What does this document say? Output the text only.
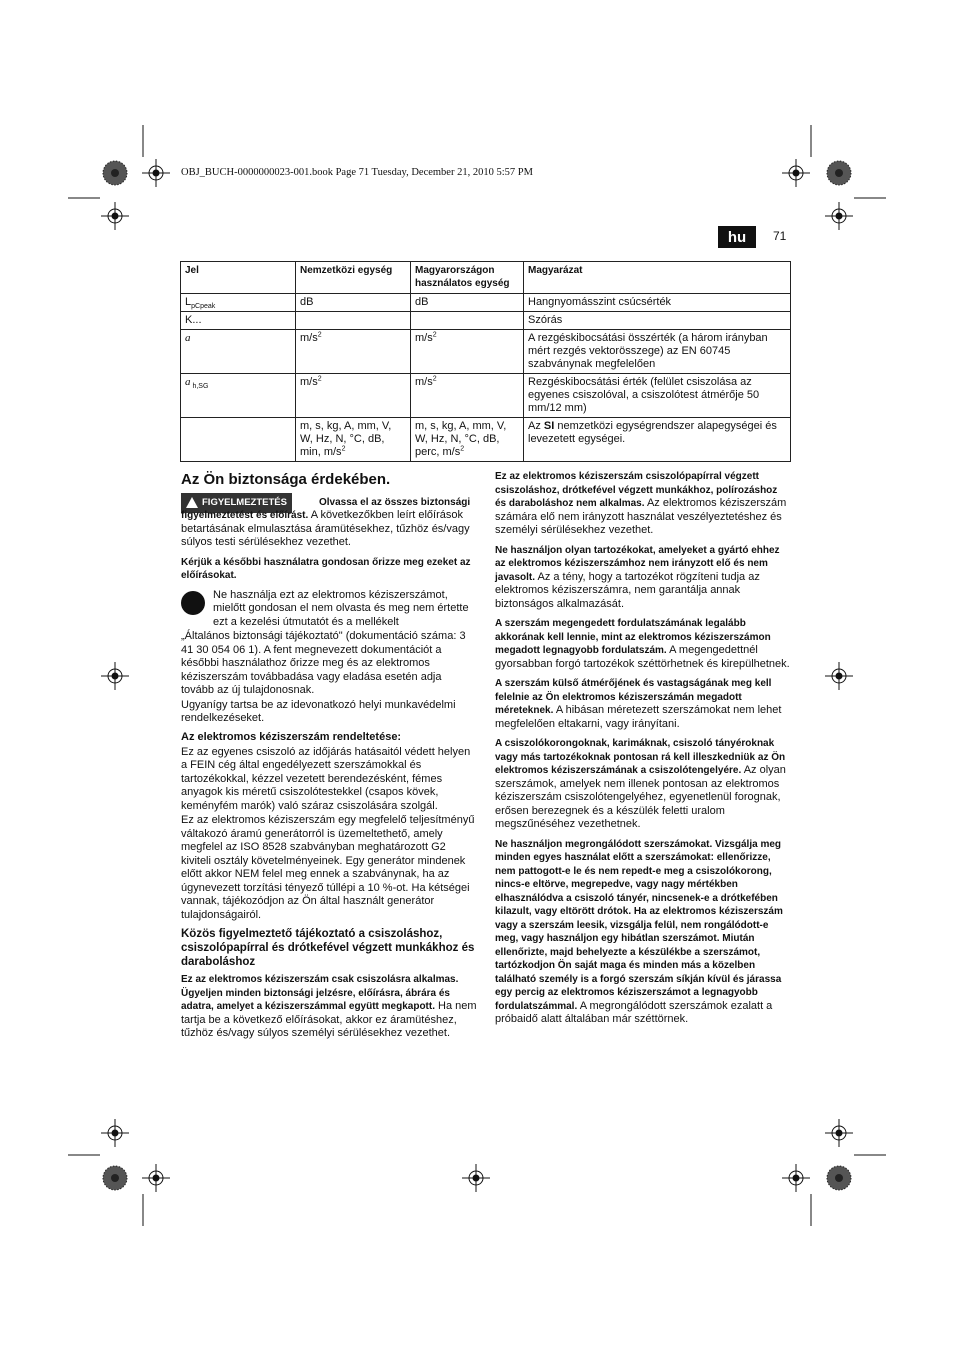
OBJ_BUCH-0000000023-001.book Page 71 Tuesday, December 21, 2010 5:57 PM
hu	71
Jel	Nemzetközi egység	Magyarországon használatos egység	Magyarázat
$L_{pCpeak}$	dB	dB	Hangnyomásszint csúcsérték
K...			Szórás
a	$m/s^2$	$m/s^2$	A rezgéskibocsátási összérték (a három irányban mért rezgés vektorösszege) az EN 60745 szabványnak megfelelően
a $_{h,SG}$	$m/s^2$	$m/s^2$	Rezgéskibocsátási érték (felület csiszolása az egyenes csiszolóval, a csiszolótest átmérője 50 mm/12 mm)
	m, s, kg, A, mm, V, W, Hz, N, °C, dB, min, $m/s^2$	m, s, kg, A, mm, V, W, Hz, N, °C, dB, perc, $m/s^2$	Az SI nemzetközi egységrendszer alapegységei és levezetett egységei.
Az Ön biztonsága érdekében.
FIGYELMEZTETÉS	Olvassa el az összes biztonsági figyelmeztetést és előírást. A következőkben leírt előírások betartásának elmulasztása áramütésekhez, tűzhöz és/vagy súlyos testi sérülésekhez vezethet.

Kérjük a későbbi használatra gondosan őrizze meg ezeket az előírásokat.

Ne használja ezt az elektromos kéziszerszámot, mielőtt gondosan el nem olvasta és meg nem értette ezt a kezelési útmutatót és a mellékelt

„Általános biztonsági tájékoztató" (dokumentáció száma: 3 41 30 054 06 1). A fent megnevezett dokumentációt a későbbi használathoz őrizze meg és az elektromos kéziszerszám továbbadása vagy eladása esetén adja tovább az új tulajdonosnak.

Ugyanígy tartsa be az idevonatkozó helyi munkavédelmi rendelkezéseket.

Az elektromos kéziszerszám rendeltetése:

Ez az egyenes csiszoló az időjárás hatásaitól védett helyen a FEIN cég által engedélyezett szerszámokkal és tartozékokkal, kézzel vezetett berendezésként, fémes anyagok kis méretű csiszolótestekkel (csapos kövek, keményfém marók) való száraz csiszolására szolgál.

Ez az elektromos kéziszerszám egy megfelelő teljesítményű váltakozó áramú generátorról is üzemeltethető, amely megfelel az ISO 8528 szabványban meghatározott G2 kiviteli osztály követelményeinek. Egy generátor mindenek előtt akkor NEM felel meg ennek a szabványnak, ha az úgynevezett torzítási tényező túllépi a 10 %-ot. Ha kétségei vannak, tájékozódjon az Ön által használt generátor tulajdonságairól.

Közös figyelmeztető tájékoztató a csiszoláshoz, csiszolópapírral és drótkefével végzett munkákhoz és daraboláshoz

Ez az elektromos kéziszerszám csak csiszolásra alkalmas. Ügyeljen minden biztonsági jelzésre, előírásra, ábrára és adatra, amelyet a kéziszerszámmal együtt megkapott. Ha nem tartja be a következő előírásokat, akkor ez áramütéshez, tűzhöz és/vagy súlyos személyi sérülésekhez vezethet.

Ez az elektromos kéziszerszám csiszolópapírral végzett csiszoláshoz, drótkefével végzett munkákhoz, polírozáshoz és daraboláshoz nem alkalmas. Az elektromos kéziszerszám számára elő nem irányzott használat veszélyeztetéshez és személyi sérülésekhez vezethet.

Ne használjon olyan tartozékokat, amelyeket a gyártó ehhez az elektromos kéziszerszámhoz nem irányzott elő és nem javasolt. Az a tény, hogy a tartozékot rögzíteni tudja az elektromos kéziszerszámra, nem garantálja annak biztonságos alkalmazását.

A szerszám megengedett fordulatszámának legalább akkorának kell lennie, mint az elektromos kéziszerszámon megadott legnagyobb fordulatszám. A megengedettnél gyorsabban forgó tartozékok széttörhetnek és kirepülhetnek.

A szerszám külső átmérőjének és vastagságának meg kell felelnie az Ön elektromos kéziszerszámán megadott méreteknek. A hibásan méretezett szerszámokat nem lehet megfelelően eltakarni, vagy irányítani.

A csiszolókorongoknak, karimáknak, csiszoló tányéroknak vagy más tartozékoknak pontosan rá kell illeszkedniük az Ön elektromos kéziszerszámának a csiszolótengelyére. Az olyan szerszámok, amelyek nem illenek pontosan az elektromos kéziszerszám csiszolótengelyéhez, egyenetlenül forognak, erősen berezegnek és a készülék feletti uralom megszűnéséhez vezethetnek.

Ne használjon megrongálódott szerszámokat. Vizsgálja meg minden egyes használat előtt a szerszámokat: ellenőrizze, nem pattogott-e le és nem repedt-e meg a csiszolókorong, nincs-e eltörve, megrepedve, vagy nagy mértékben elhasználódva a csiszoló tányér, nincsenek-e a drótkefében kilazult, vagy eltörött drótok. Ha az elektromos kéziszerszám vagy a szerszám leesik, vizsgálja felül, nem rongálódott-e meg, vagy használjon egy hibátlan szerszámot. Miután ellenőrizte, majd behelyezte a készülékbe a szerszámot, tartózkodjon Ön saját maga és minden más a közelben található személy is a forgó szerszám síkján kívül és járassa egy percig az elektromos kéziszerszámot a legnagyobb fordulatszámmal. A megrongálódott szerszámok ezalatt a próbaidő alatt általában már széttörnek.
